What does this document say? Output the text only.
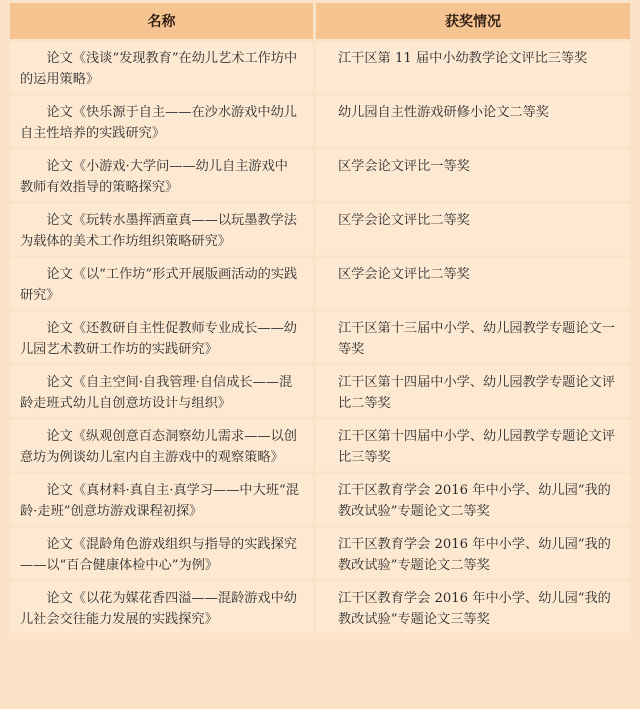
名称	获奖情况
论文《浅谈“发现教育”在幼儿艺术工作坊中的运用策略》	江干区第 11 届中小幼教学论文评比三等奖
论文《快乐源于自主——在沙水游戏中幼儿自主性培养的实践研究》	幼儿园自主性游戏研修小论文二等奖
论文《小游戏·大学问——幼儿自主游戏中教师有效指导的策略探究》	区学会论文评比一等奖
论文《玩转水墨挥洒童真——以玩墨教学法为载体的美术工作坊组织策略研究》	区学会论文评比二等奖
论文《以“工作坊”形式开展版画活动的实践研究》	区学会论文评比二等奖
论文《还教研自主性促教师专业成长——幼儿园艺术教研工作坊的实践研究》	江干区第十三届中小学、幼儿园教学专题论文一等奖
论文《自主空间·自我管理·自信成长——混龄走班式幼儿自创意坊设计与组织》	江干区第十四届中小学、幼儿园教学专题论文评比二等奖
论文《纵观创意百态洞察幼儿需求——以创意坊为例谈幼儿室内自主游戏中的观察策略》	江干区第十四届中小学、幼儿园教学专题论文评比三等奖
论文《真材料·真自主·真学习——中大班“混龄·走班”创意坊游戏课程初探》	江干区教育学会 2016 年中小学、幼儿园“我的教改试验”专题论文二等奖
论文《混龄角色游戏组织与指导的实践探究——以“百合健康体检中心”为例》	江干区教育学会 2016 年中小学、幼儿园“我的教改试验”专题论文二等奖
论文《以花为媒花香四溢——混龄游戏中幼儿社会交往能力发展的实践探究》	江干区教育学会 2016 年中小学、幼儿园“我的教改试验”专题论文三等奖
